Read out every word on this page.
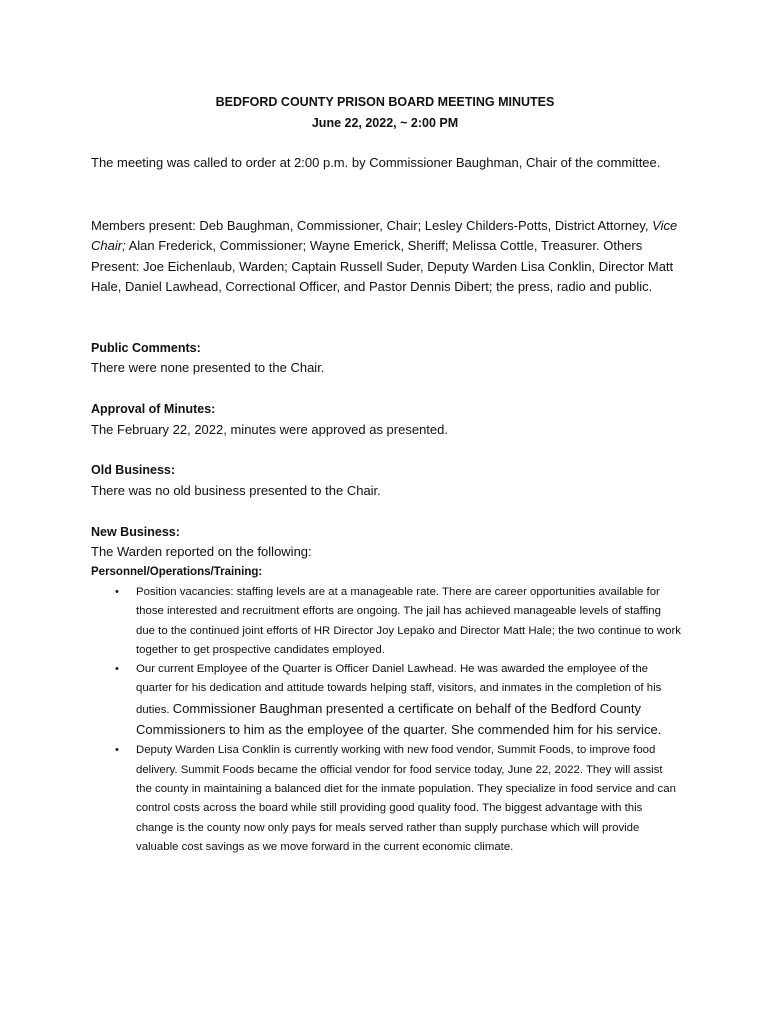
BEDFORD COUNTY PRISON BOARD MEETING MINUTES
June 22, 2022, ~ 2:00 PM
The meeting was called to order at 2:00 p.m. by Commissioner Baughman, Chair of the committee.
Members present: Deb Baughman, Commissioner, Chair; Lesley Childers-Potts, District Attorney, Vice Chair; Alan Frederick, Commissioner; Wayne Emerick, Sheriff; Melissa Cottle, Treasurer. Others Present: Joe Eichenlaub, Warden; Captain Russell Suder, Deputy Warden Lisa Conklin, Director Matt Hale, Daniel Lawhead, Correctional Officer, and Pastor Dennis Dibert; the press, radio and public.
Public Comments:
There were none presented to the Chair.
Approval of Minutes:
The February 22, 2022, minutes were approved as presented.
Old Business:
There was no old business presented to the Chair.
New Business:
The Warden reported on the following:
Personnel/Operations/Training:
• Position vacancies: staffing levels are at a manageable rate. There are career opportunities available for those interested and recruitment efforts are ongoing. The jail has achieved manageable levels of staffing due to the continued joint efforts of HR Director Joy Lepako and Director Matt Hale; the two continue to work together to get prospective candidates employed.
• Our current Employee of the Quarter is Officer Daniel Lawhead. He was awarded the employee of the quarter for his dedication and attitude towards helping staff, visitors, and inmates in the completion of his duties. Commissioner Baughman presented a certificate on behalf of the Bedford County Commissioners to him as the employee of the quarter. She commended him for his service.
• Deputy Warden Lisa Conklin is currently working with new food vendor, Summit Foods, to improve food delivery. Summit Foods became the official vendor for food service today, June 22, 2022. They will assist the county in maintaining a balanced diet for the inmate population. They specialize in food service and can control costs across the board while still providing good quality food. The biggest advantage with this change is the county now only pays for meals served rather than supply purchase which will provide valuable cost savings as we move forward in the current economic climate.
